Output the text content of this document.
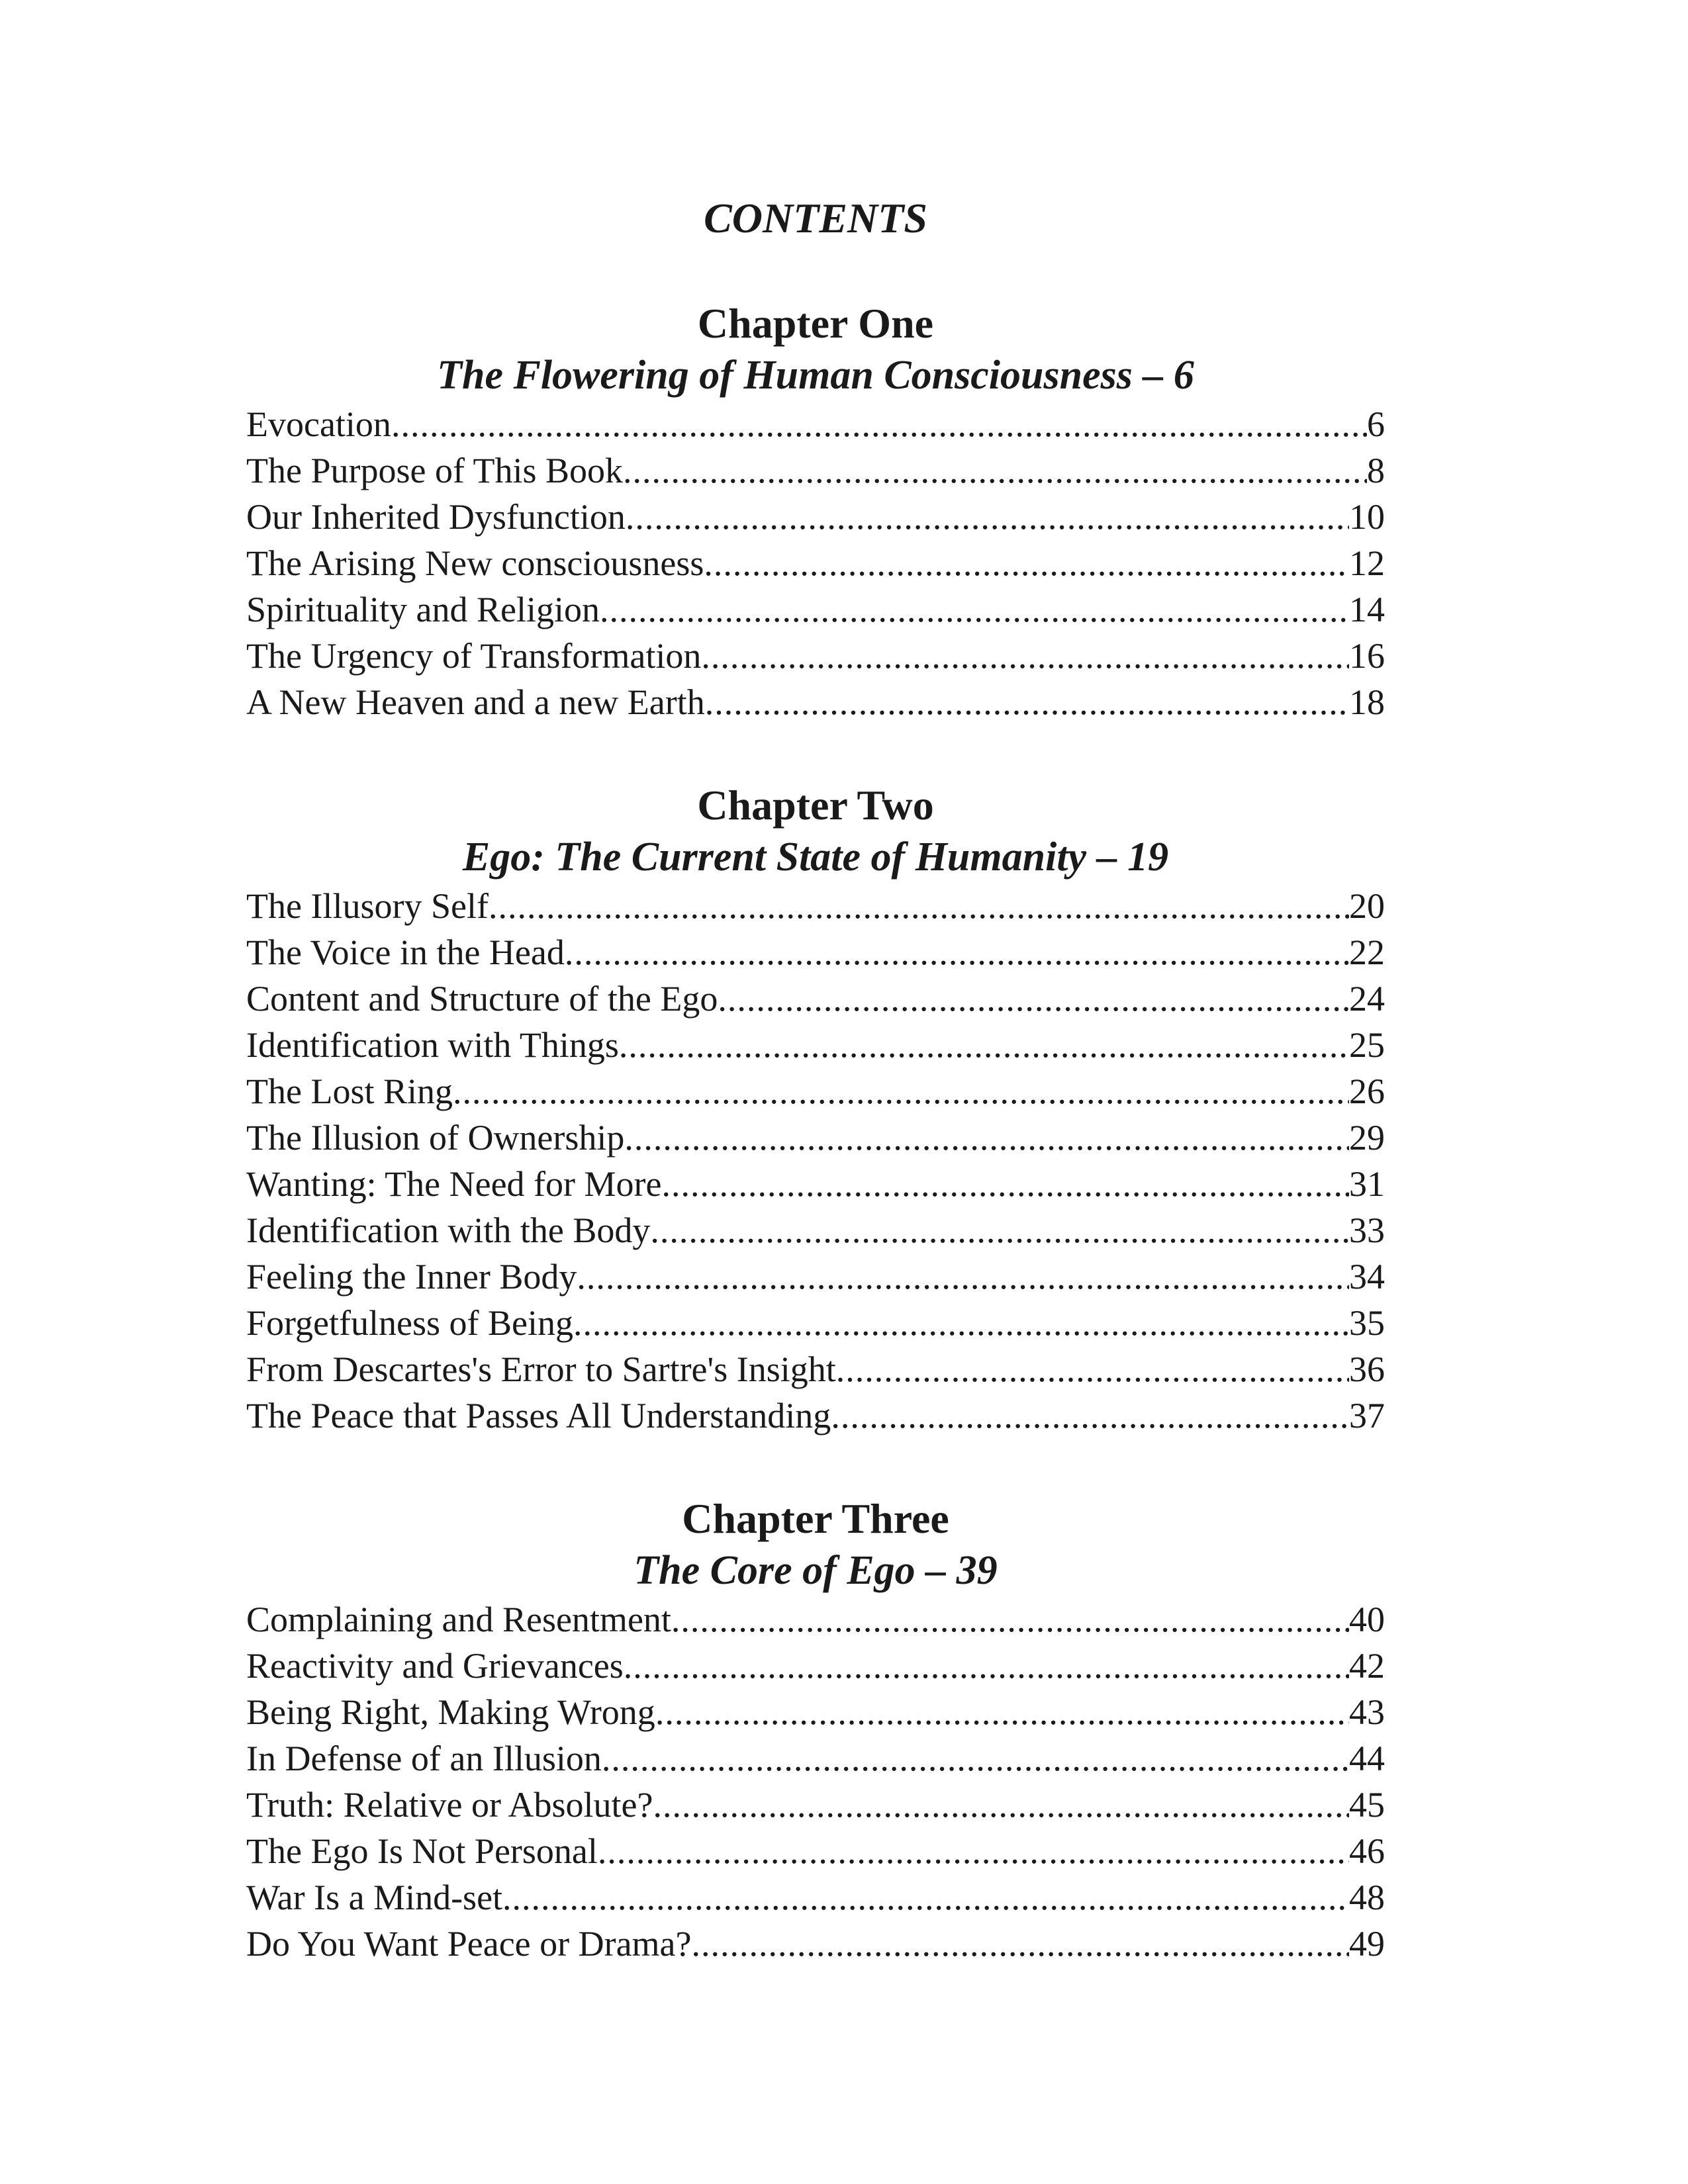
CONTENTS
Chapter One
The Flowering of Human Consciousness – 6
Evocation .....	6
The Purpose of This Book .....	8
Our Inherited Dysfunction .....	10
The Arising New consciousness .....	12
Spirituality and Religion .....	14
The Urgency of Transformation .....	16
A New Heaven and a new Earth .....	18
Chapter Two
Ego: The Current State of Humanity – 19
The Illusory Self .....	20
The Voice in the Head .....	22
Content and Structure of the Ego .....	24
Identification with Things .....	25
The Lost Ring .....	26
The Illusion of Ownership .....	29
Wanting: The Need for More .....	31
Identification with the Body .....	33
Feeling the Inner Body .....	34
Forgetfulness of Being .....	35
From Descartes's Error to Sartre's Insight .....	36
The Peace that Passes All Understanding .....	37
Chapter Three
The Core of Ego – 39
Complaining and Resentment .....	40
Reactivity and Grievances .....	42
Being Right, Making Wrong .....	43
In Defense of an Illusion .....	44
Truth: Relative or Absolute? .....	45
The Ego Is Not Personal .....	46
War Is a Mind-set .....	48
Do You Want Peace or Drama? .....	49
